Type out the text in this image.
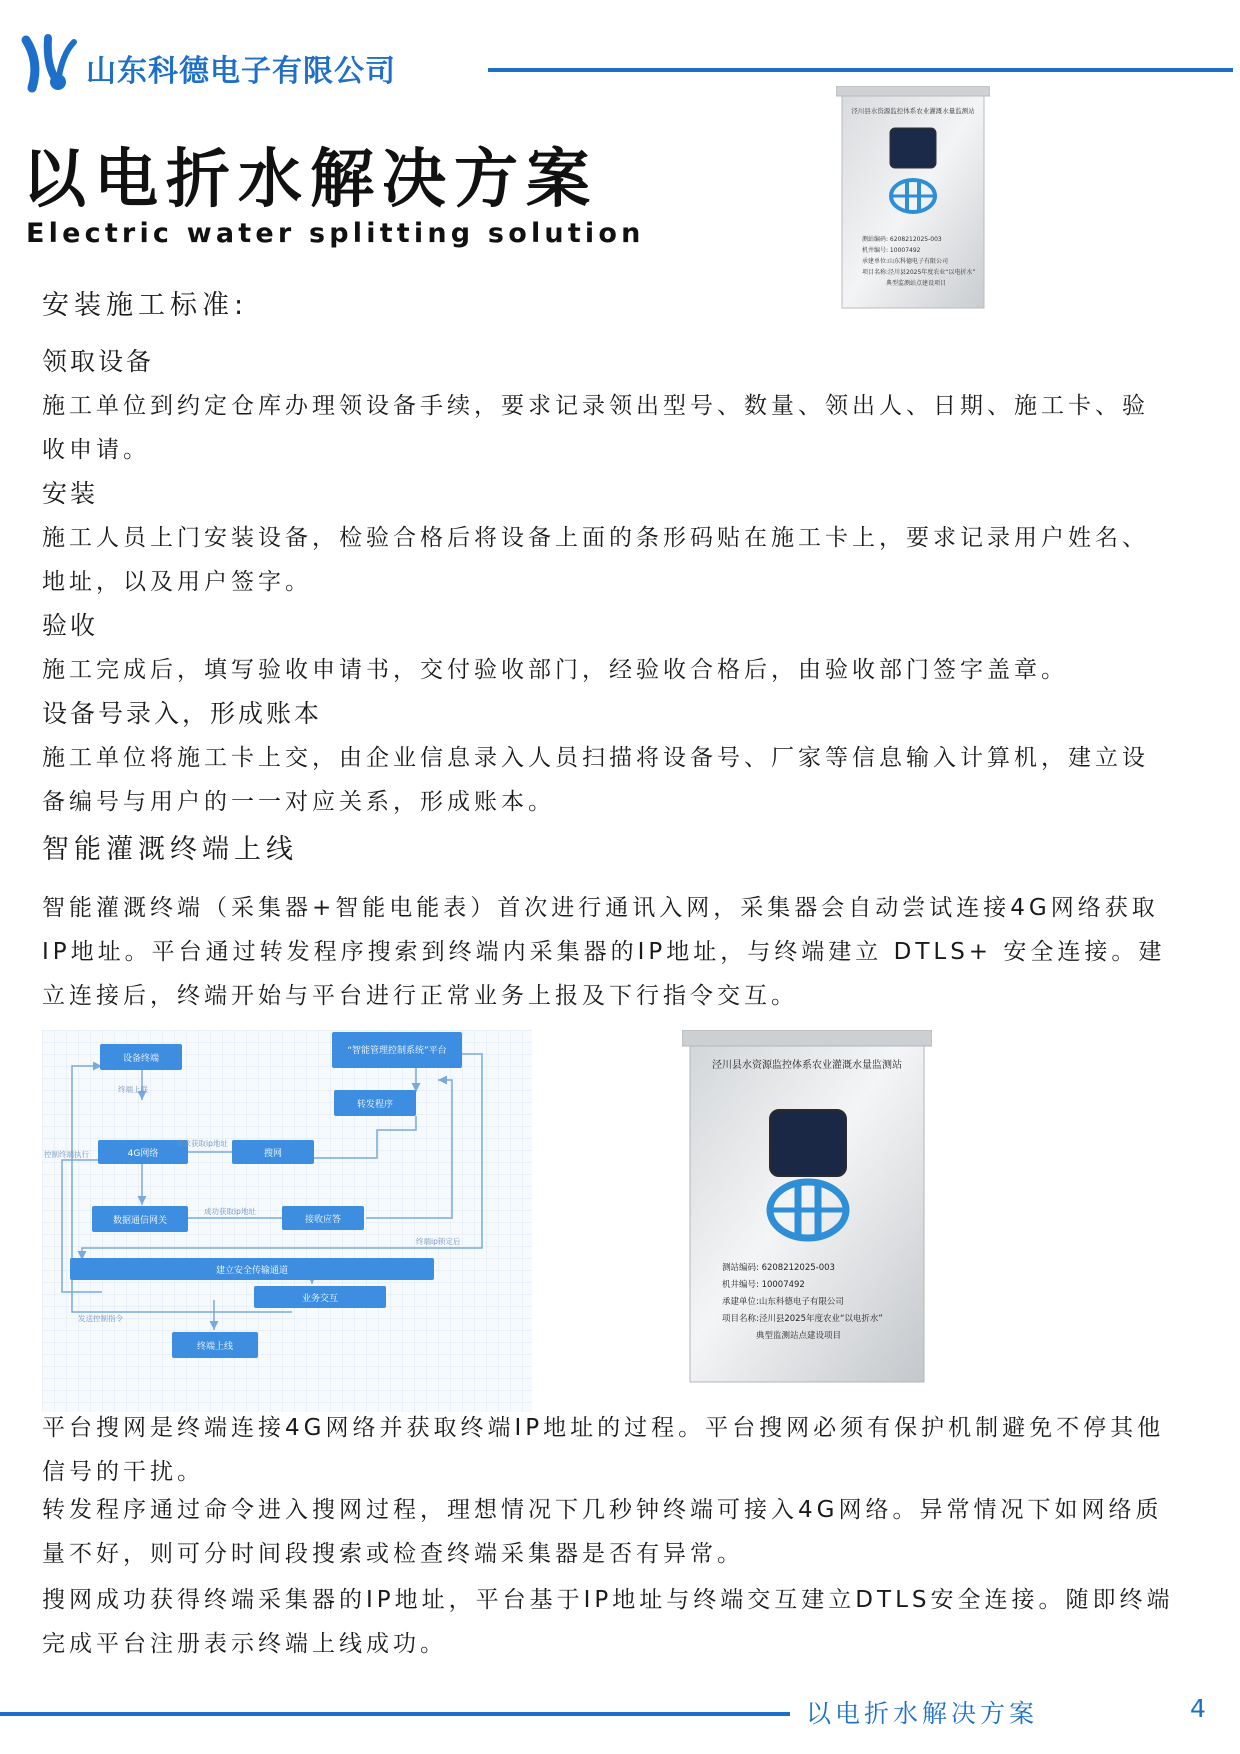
山东科德电子有限公司
以电折水解决方案
Electric water splitting solution
泾川县水资源监控体系农业灌溉水量监测站
测站编码: 6208212025-003
机井编号: 10007492
承建单位:山东科德电子有限公司
项目名称:泾川县2025年度农业“以电折水”
典型监测站点建设项目
安装施工标准:
领取设备
施工单位到约定仓库办理领设备手续，要求记录领出型号、数量、领出人、日期、施工卡、验
收申请。
安装
施工人员上门安装设备，检验合格后将设备上面的条形码贴在施工卡上，要求记录用户姓名、
地址，以及用户签字。
验收
施工完成后，填写验收申请书，交付验收部门，经验收合格后，由验收部门签字盖章。
设备号录入，形成账本
施工单位将施工卡上交，由企业信息录入人员扫描将设备号、厂家等信息输入计算机，建立设
备编号与用户的一一对应关系，形成账本。
智能灌溉终端上线
智能灌溉终端（采集器+智能电能表）首次进行通讯入网，采集器会自动尝试连接4G网络获取
IP地址。平台通过转发程序搜索到终端内采集器的IP地址，与终端建立 DTLS+ 安全连接。建
立连接后，终端开始与平台进行正常业务上报及下行指令交互。
设备终端
“智能管理控制系统”平台
转发程序
4G网络	搜网
数据通信网关	接收应答
建立安全传输通道
业务交互
终端上线
终端上联
请求获取ip地址
成功获取ip地址
终端ip锁定后
控制终端执行
发送控制指令
泾川县水资源监控体系农业灌溉水量监测站
测站编码: 6208212025-003
机井编号: 10007492
承建单位:山东科德电子有限公司
项目名称:泾川县2025年度农业“以电折水”
典型监测站点建设项目
平台搜网是终端连接4G网络并获取终端IP地址的过程。平台搜网必须有保护机制避免不停其他
信号的干扰。
转发程序通过命令进入搜网过程，理想情况下几秒钟终端可接入4G网络。异常情况下如网络质
量不好，则可分时间段搜索或检查终端采集器是否有异常。
搜网成功获得终端采集器的IP地址，平台基于IP地址与终端交互建立DTLS安全连接。随即终端
完成平台注册表示终端上线成功。
以电折水解决方案	4
